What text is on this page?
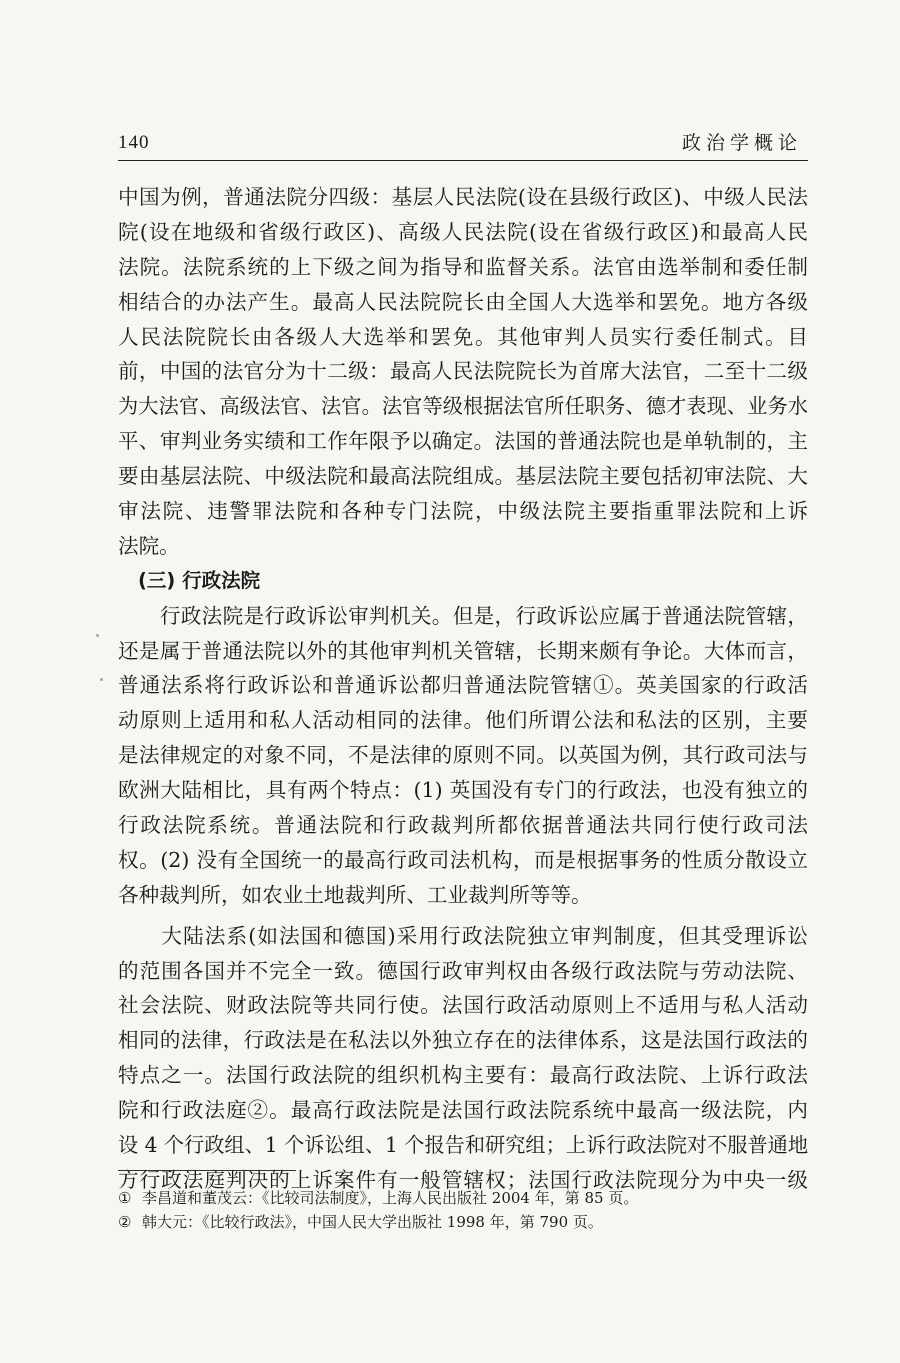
140	政治学概论
中国为例，普通法院分四级：基层人民法院(设在县级行政区)、中级人民法
院(设在地级和省级行政区)、高级人民法院(设在省级行政区)和最高人民
法院。法院系统的上下级之间为指导和监督关系。法官由选举制和委任制
相结合的办法产生。最高人民法院院长由全国人大选举和罢免。地方各级
人民法院院长由各级人大选举和罢免。其他审判人员实行委任制式。目
前，中国的法官分为十二级：最高人民法院院长为首席大法官，二至十二级
为大法官、高级法官、法官。法官等级根据法官所任职务、德才表现、业务水
平、审判业务实绩和工作年限予以确定。法国的普通法院也是单轨制的，主
要由基层法院、中级法院和最高法院组成。基层法院主要包括初审法院、大
审法院、违警罪法院和各种专门法院，中级法院主要指重罪法院和上诉
法院。
(三) 行政法院
　　行政法院是行政诉讼审判机关。但是，行政诉讼应属于普通法院管辖，
还是属于普通法院以外的其他审判机关管辖，长期来颇有争论。大体而言，
普通法系将行政诉讼和普通诉讼都归普通法院管辖①。英美国家的行政活
动原则上适用和私人活动相同的法律。他们所谓公法和私法的区别，主要
是法律规定的对象不同，不是法律的原则不同。以英国为例，其行政司法与
欧洲大陆相比，具有两个特点：(1) 英国没有专门的行政法，也没有独立的
行政法院系统。普通法院和行政裁判所都依据普通法共同行使行政司法
权。(2) 没有全国统一的最高行政司法机构，而是根据事务的性质分散设立
各种裁判所，如农业土地裁判所、工业裁判所等等。
　　大陆法系(如法国和德国)采用行政法院独立审判制度，但其受理诉讼
的范围各国并不完全一致。德国行政审判权由各级行政法院与劳动法院、
社会法院、财政法院等共同行使。法国行政活动原则上不适用与私人活动
相同的法律，行政法是在私法以外独立存在的法律体系，这是法国行政法的
特点之一。法国行政法院的组织机构主要有：最高行政法院、上诉行政法
院和行政法庭②。最高行政法院是法国行政法院系统中最高一级法院，内
设 4 个行政组、1 个诉讼组、1 个报告和研究组；上诉行政法院对不服普通地
方行政法庭判决的上诉案件有一般管辖权；法国行政法院现分为中央一级
① 李昌道和董茂云：《比较司法制度》，上海人民出版社 2004 年，第 85 页。
② 韩大元：《比较行政法》，中国人民大学出版社 1998 年，第 790 页。
